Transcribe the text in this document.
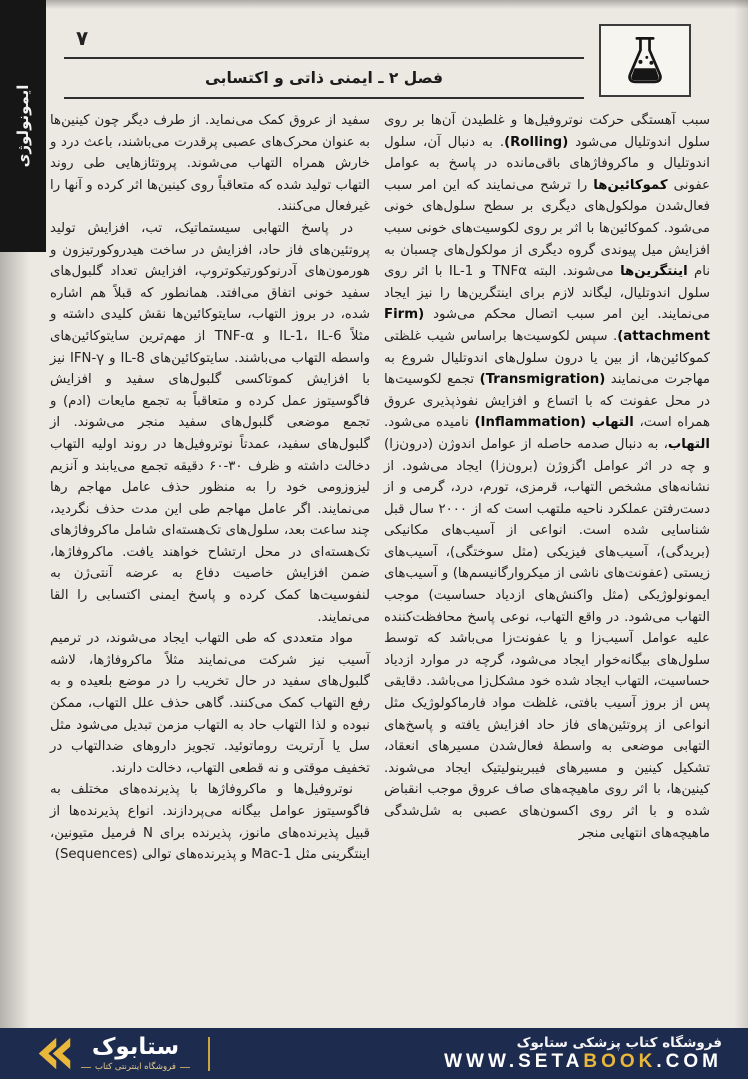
ایمونولوژی
۷
فصل ۲ ـ ایمنی ذاتی و اکتسابی

سبب آهستگی حرکت نوتروفیل‌ها و غلطیدن آن‌ها بر روی سلول اندوتلیال می‌شود (Rolling). به دنبال آن، سلول اندوتلیال و ماکروفاژهای باقی‌مانده در پاسخ به عوامل عفونی کموکائین‌ها را ترشح می‌نمایند که این امر سبب فعال‌شدن مولکول‌های دیگری بر سطح سلول‌های خونی می‌شود. کموکائین‌ها با اثر بر روی لکوسیت‌های خونی سبب افزایش میل پیوندی گروه دیگری از مولکول‌های چسبان به نام اینتگرین‌ها می‌شوند. البته TNFα و IL-1 با اثر روی سلول اندوتلیال، لیگاند لازم برای اینتگرین‌ها را نیز ایجاد می‌نمایند. این امر سبب اتصال محکم می‌شود (Firm attachment). سپس لکوسیت‌ها براساس شیب غلظتی کموکائین‌ها، از بین یا درون سلول‌های اندوتلیال شروع به مهاجرت می‌نمایند (Transmigration) تجمع لکوسیت‌ها در محل عفونت که با اتساع و افزایش نفوذپذیری عروق همراه است، التهاب (Inflammation) نامیده می‌شود. التهاب، به دنبال صدمه حاصله از عوامل اندوژن (درون‌زا) و چه در اثر عوامل اگزوژن (برون‌زا) ایجاد می‌شود. از نشانه‌های مشخص التهاب، قرمزی، تورم، درد، گرمی و از دست‌رفتن عملکرد ناحیه ملتهب است که از ۲۰۰۰ سال قبل شناسایی شده است. انواعی از آسیب‌های مکانیکی (بریدگی)، آسیب‌های فیزیکی (مثل سوختگی)، آسیب‌های زیستی (عفونت‌های ناشی از میکروارگانیسم‌ها) و آسیب‌های ایمونولوژیکی (مثل واکنش‌های ازدیاد حساسیت) موجب التهاب می‌شود. در واقع التهاب، نوعی پاسخ محافظت‌کننده علیه عوامل آسیب‌زا و یا عفونت‌زا می‌باشد که توسط سلول‌های بیگانه‌خوار ایجاد می‌شود، گرچه در موارد ازدیاد حساسیت، التهاب ایجاد شده خود مشکل‌زا می‌باشد. دقایقی پس از بروز آسیب بافتی، غلظت مواد فارماکولوژیک مثل انواعی از پروتئین‌های فاز حاد افزایش یافته و پاسخ‌های التهابی موضعی به واسطهٔ فعال‌شدن مسیرهای انعقاد، تشکیل کینین و مسیرهای فیبرینولیتیک ایجاد می‌شوند. کینین‌ها، با اثر روی ماهیچه‌های صاف عروق موجب انقباض شده و با اثر روی اکسون‌های عصبی به شل‌شدگی ماهیچه‌های انتهایی منجر

سفید از عروق کمک می‌نماید. از طرف دیگر چون کینین‌ها به عنوان محرک‌های عصبی پرقدرت می‌باشند، باعث درد و خارش همراه التهاب می‌شوند. پروتئازهایی طی روند التهاب تولید شده که متعاقباً روی کینین‌ها اثر کرده و آنها را غیرفعال می‌کنند.

در پاسخ التهابی سیستماتیک، تب، افزایش تولید پروتئین‌های فاز حاد، افزایش در ساخت هیدروکورتیزون و هورمون‌های آدرنوکورتیکوتروپ، افزایش تعداد گلبول‌های سفید خونی اتفاق می‌افتد. همانطور که قبلاً هم اشاره شده، در بروز التهاب، سایتوکائین‌ها نقش کلیدی داشته و مثلاً IL-1، IL-6 و TNF-α از مهم‌ترین سایتوکائین‌های واسطه التهاب می‌باشند. سایتوکائین‌های IL-8 و IFN-γ نیز با افزایش کموتاکسی گلبول‌های سفید و افزایش فاگوسیتوز عمل کرده و متعاقباً به تجمع مایعات (ادم) و تجمع موضعی گلبول‌های سفید منجر می‌شوند. از گلبول‌های سفید، عمدتاً نوتروفیل‌ها در روند اولیه التهاب دخالت داشته و ظرف ۳۰-۶۰ دقیقه تجمع می‌یابند و آنزیم لیزوزومی خود را به منظور حذف عامل مهاجم رها می‌نمایند. اگر عامل مهاجم طی این مدت حذف نگردید، چند ساعت بعد، سلول‌های تک‌هسته‌ای شامل ماکروفاژهای تک‌هسته‌ای در محل ارتشاح خواهند یافت. ماکروفاژها، ضمن افزایش خاصیت دفاع به عرضه آنتی‌ژن به لنفوسیت‌ها کمک کرده و پاسخ ایمنی اکتسابی را القا می‌نمایند.

مواد متعددی که طی التهاب ایجاد می‌شوند، در ترمیم آسیب نیز شرکت می‌نمایند مثلاً ماکروفاژها، لاشه گلبول‌های سفید در حال تخریب را در موضع بلعیده و به رفع التهاب کمک می‌کنند. گاهی حذف علل التهاب، ممکن نبوده و لذا التهاب حاد به التهاب مزمن تبدیل می‌شود مثل سل یا آرتریت روماتوئید. تجویز داروهای ضدالتهاب در تخفیف موقتی و نه قطعی التهاب، دخالت دارند.

نوتروفیل‌ها و ماکروفاژها با پذیرنده‌های مختلف به فاگوسیتوز عوامل بیگانه می‌پردازند. انواع پذیرنده‌ها از قبیل پذیرنده‌های مانوز، پذیرنده برای N فرمیل متیونین، اینتگرینی مثل Mac-1 و پذیرنده‌های توالی (Sequences)

ستابوک
فروشگاه اینترنتی کتاب
فروشگاه کتاب پزشکی ستابوک
WWW.SETABOOK.COM
